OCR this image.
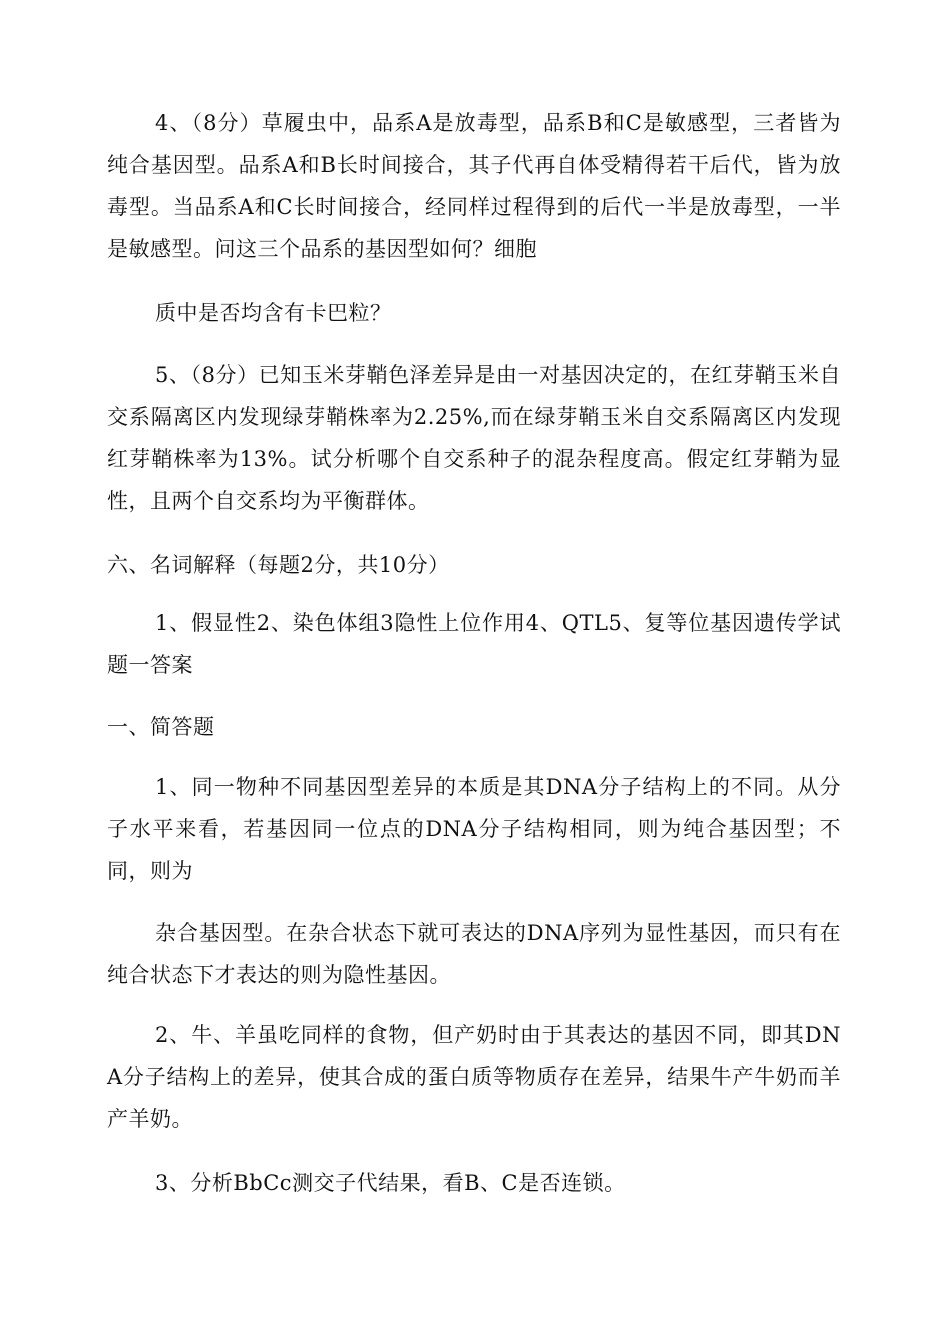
4、（8分）草履虫中，品系A是放毒型，品系B和C是敏感型，三者皆为纯合基因型。品系A和B长时间接合，其子代再自体受精得若干后代，皆为放毒型。当品系A和C长时间接合，经同样过程得到的后代一半是放毒型，一半是敏感型。问这三个品系的基因型如何？细胞

质中是否均含有卡巴粒？

5、（8分）已知玉米芽鞘色泽差异是由一对基因决定的，在红芽鞘玉米自交系隔离区内发现绿芽鞘株率为2.25%,而在绿芽鞘玉米自交系隔离区内发现红芽鞘株率为13%。试分析哪个自交系种子的混杂程度高。假定红芽鞘为显性，且两个自交系均为平衡群体。

六、名词解释（每题2分，共10分）

1、假显性2、染色体组3隐性上位作用4、QTL5、复等位基因遗传学试题一答案

一、简答题

1、同一物种不同基因型差异的本质是其DNA分子结构上的不同。从分子水平来看，若基因同一位点的DNA分子结构相同，则为纯合基因型；不同，则为

杂合基因型。在杂合状态下就可表达的DNA序列为显性基因，而只有在纯合状态下才表达的则为隐性基因。

2、牛、羊虽吃同样的食物，但产奶时由于其表达的基因不同，即其DNA分子结构上的差异，使其合成的蛋白质等物质存在差异，结果牛产牛奶而羊产羊奶。

3、分析BbCc测交子代结果，看B、C是否连锁。
